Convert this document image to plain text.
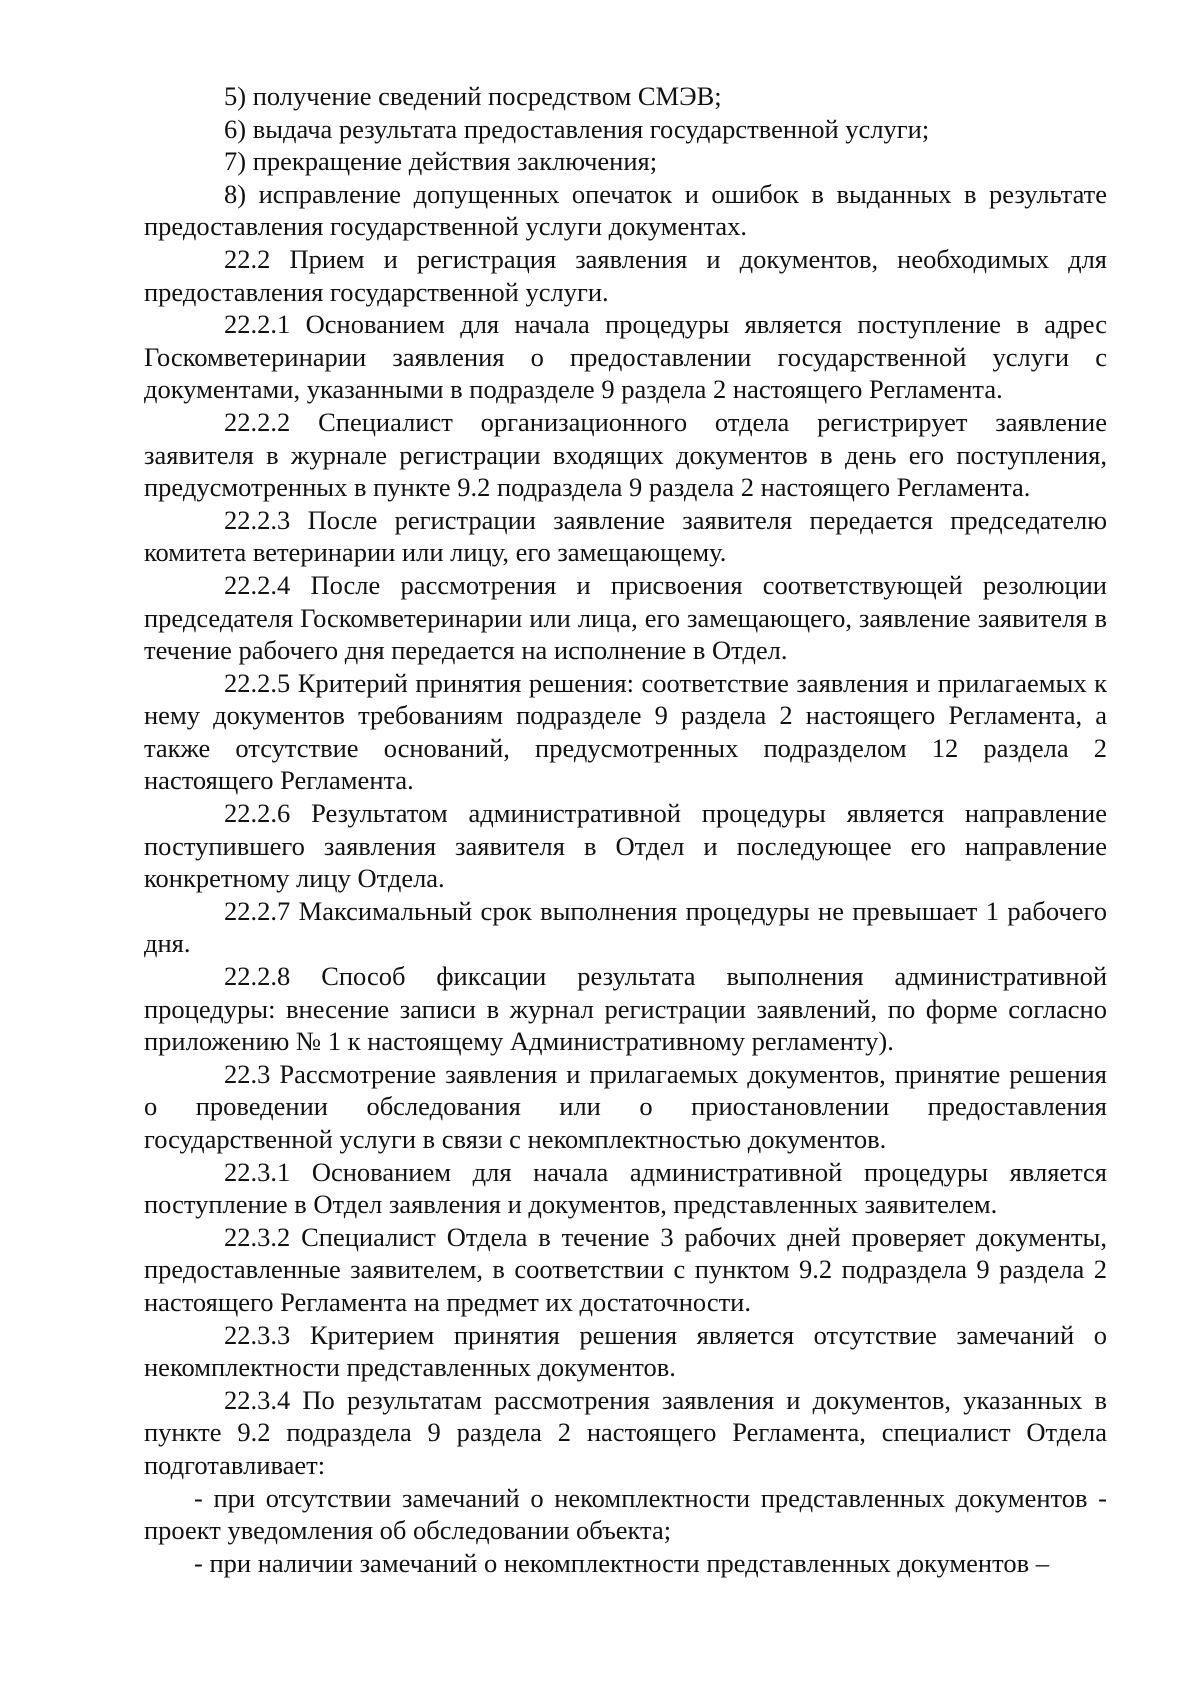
5) получение сведений посредством СМЭВ;

6) выдача результата предоставления государственной услуги;

7) прекращение действия заключения;

8) исправление допущенных опечаток и ошибок в выданных в результате предоставления государственной услуги документах.

22.2 Прием и регистрация заявления и документов, необходимых для предоставления государственной услуги.

22.2.1 Основанием для начала процедуры является поступление в адрес Госкомветеринарии заявления о предоставлении государственной услуги с документами, указанными в подразделе 9 раздела 2 настоящего Регламента.

22.2.2 Специалист организационного отдела регистрирует заявление заявителя в журнале регистрации входящих документов в день его поступления, предусмотренных в пункте 9.2 подраздела 9 раздела 2 настоящего Регламента.

22.2.3 После регистрации заявление заявителя передается председателю комитета ветеринарии или лицу, его замещающему.

22.2.4 После рассмотрения и присвоения соответствующей резолюции председателя Госкомветеринарии или лица, его замещающего, заявление заявителя в течение рабочего дня передается на исполнение в Отдел.

22.2.5 Критерий принятия решения: соответствие заявления и прилагаемых к нему документов требованиям подразделе 9 раздела 2 настоящего Регламента, а также отсутствие оснований, предусмотренных подразделом 12 раздела 2 настоящего Регламента.

22.2.6 Результатом административной процедуры является направление поступившего заявления заявителя в Отдел и последующее его направление конкретному лицу Отдела.

22.2.7 Максимальный срок выполнения процедуры не превышает 1 рабочего дня.

22.2.8 Способ фиксации результата выполнения административной процедуры: внесение записи в журнал регистрации заявлений, по форме согласно приложению № 1 к настоящему Административному регламенту).

22.3 Рассмотрение заявления и прилагаемых документов, принятие решения о проведении обследования или о приостановлении предоставления государственной услуги в связи с некомплектностью документов.

22.3.1 Основанием для начала административной процедуры является поступление в Отдел заявления и документов, представленных заявителем.

22.3.2 Специалист Отдела в течение 3 рабочих дней проверяет документы, предоставленные заявителем, в соответствии с пунктом 9.2 подраздела 9 раздела 2 настоящего Регламента на предмет их достаточности.

22.3.3 Критерием принятия решения является отсутствие замечаний о некомплектности представленных документов.

22.3.4 По результатам рассмотрения заявления и документов, указанных в пункте 9.2 подраздела 9 раздела 2 настоящего Регламента, специалист Отдела подготавливает:

- при отсутствии замечаний о некомплектности представленных документов - проект уведомления об обследовании объекта;

- при наличии замечаний о некомплектности представленных документов –
